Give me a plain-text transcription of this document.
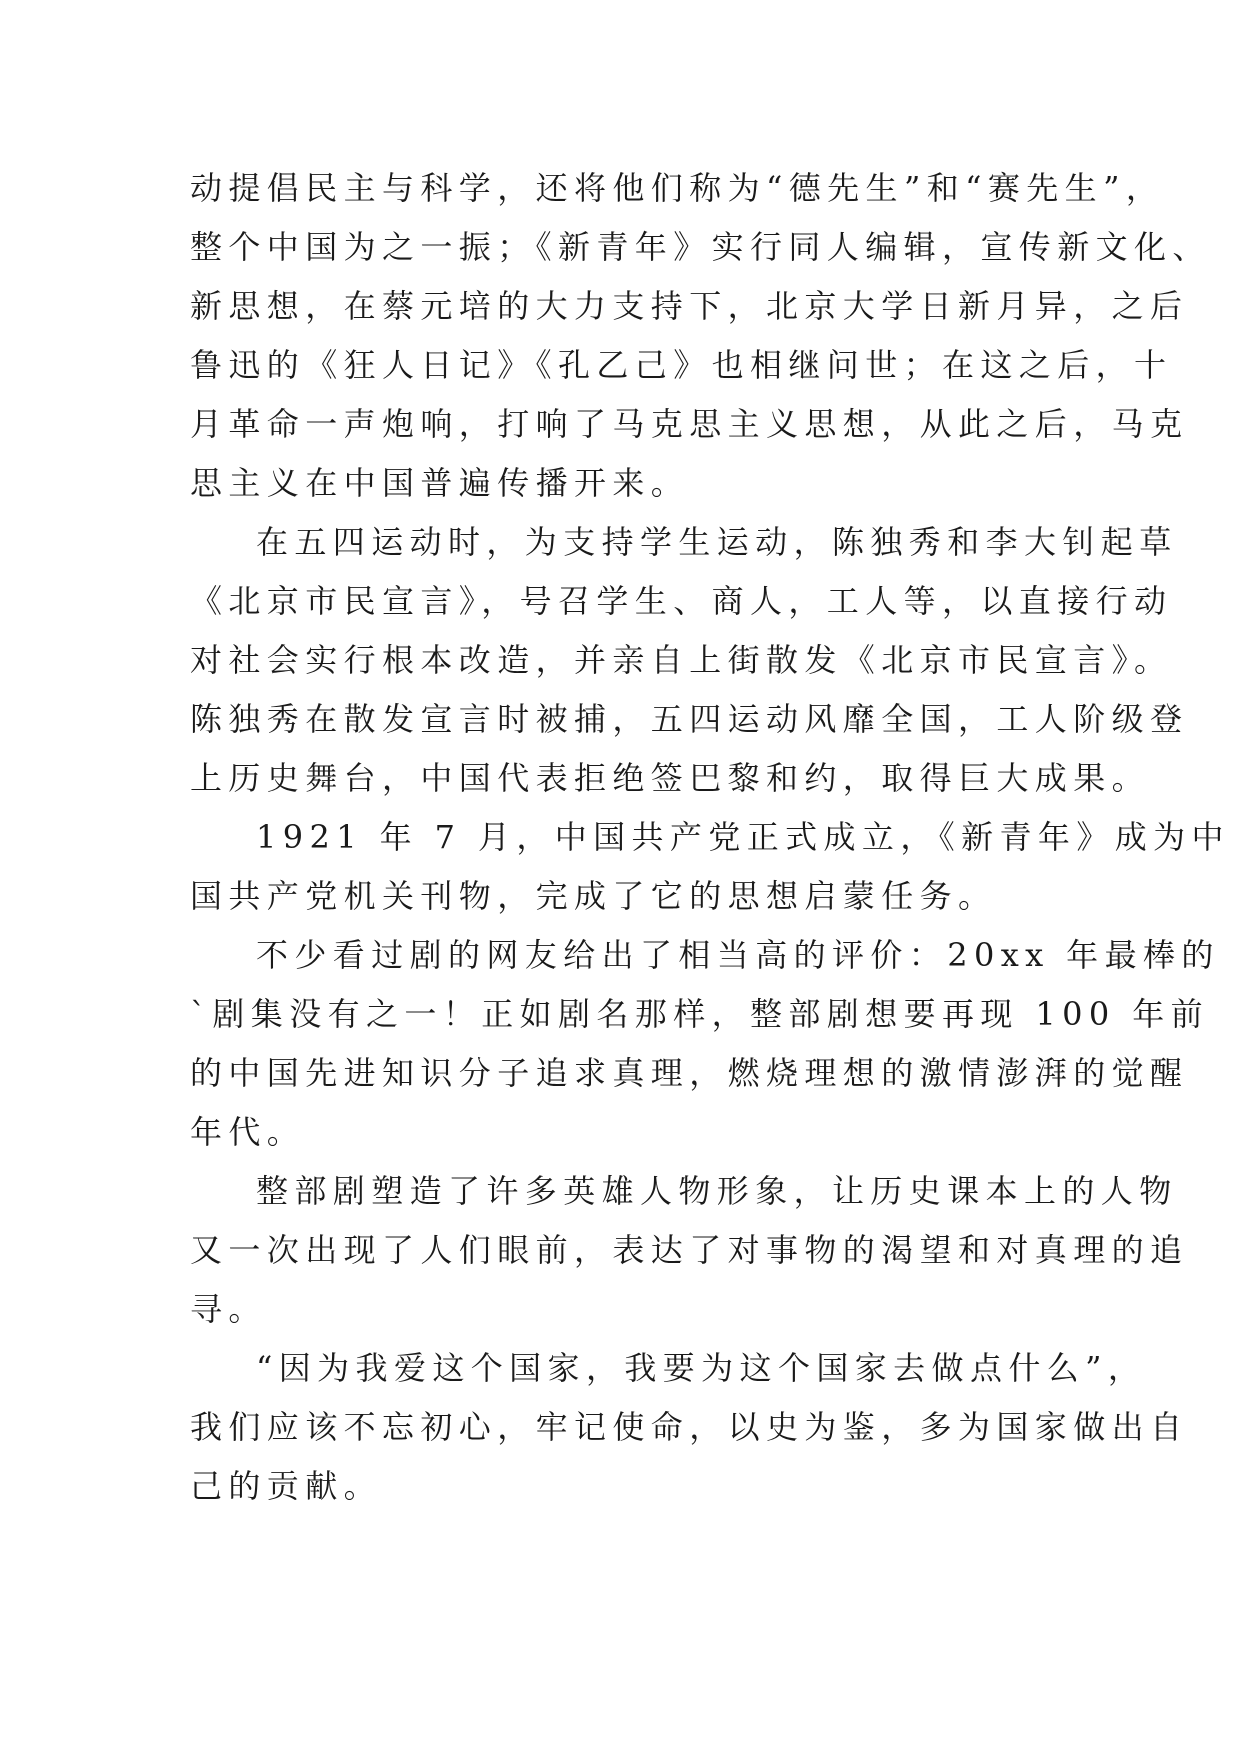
动提倡民主与科学，还将他们称为“德先生”和“赛先生”，
整个中国为之一振；《新青年》实行同人编辑，宣传新文化、
新思想，在蔡元培的大力支持下，北京大学日新月异，之后
鲁迅的《狂人日记》《孔乙己》也相继问世；在这之后，十
月革命一声炮响，打响了马克思主义思想，从此之后，马克
思主义在中国普遍传播开来。
在五四运动时，为支持学生运动，陈独秀和李大钊起草
《北京市民宣言》，号召学生、商人，工人等，以直接行动
对社会实行根本改造，并亲自上街散发《北京市民宣言》。
陈独秀在散发宣言时被捕，五四运动风靡全国，工人阶级登
上历史舞台，中国代表拒绝签巴黎和约，取得巨大成果。
1921 年 7 月，中国共产党正式成立，《新青年》成为中
国共产党机关刊物，完成了它的思想启蒙任务。
不少看过剧的网友给出了相当高的评价：20xx 年最棒的
`剧集没有之一！正如剧名那样，整部剧想要再现 100 年前
的中国先进知识分子追求真理，燃烧理想的激情澎湃的觉醒
年代。
整部剧塑造了许多英雄人物形象，让历史课本上的人物
又一次出现了人们眼前，表达了对事物的渴望和对真理的追
寻。
“因为我爱这个国家，我要为这个国家去做点什么”，
我们应该不忘初心，牢记使命，以史为鉴，多为国家做出自
己的贡献。
